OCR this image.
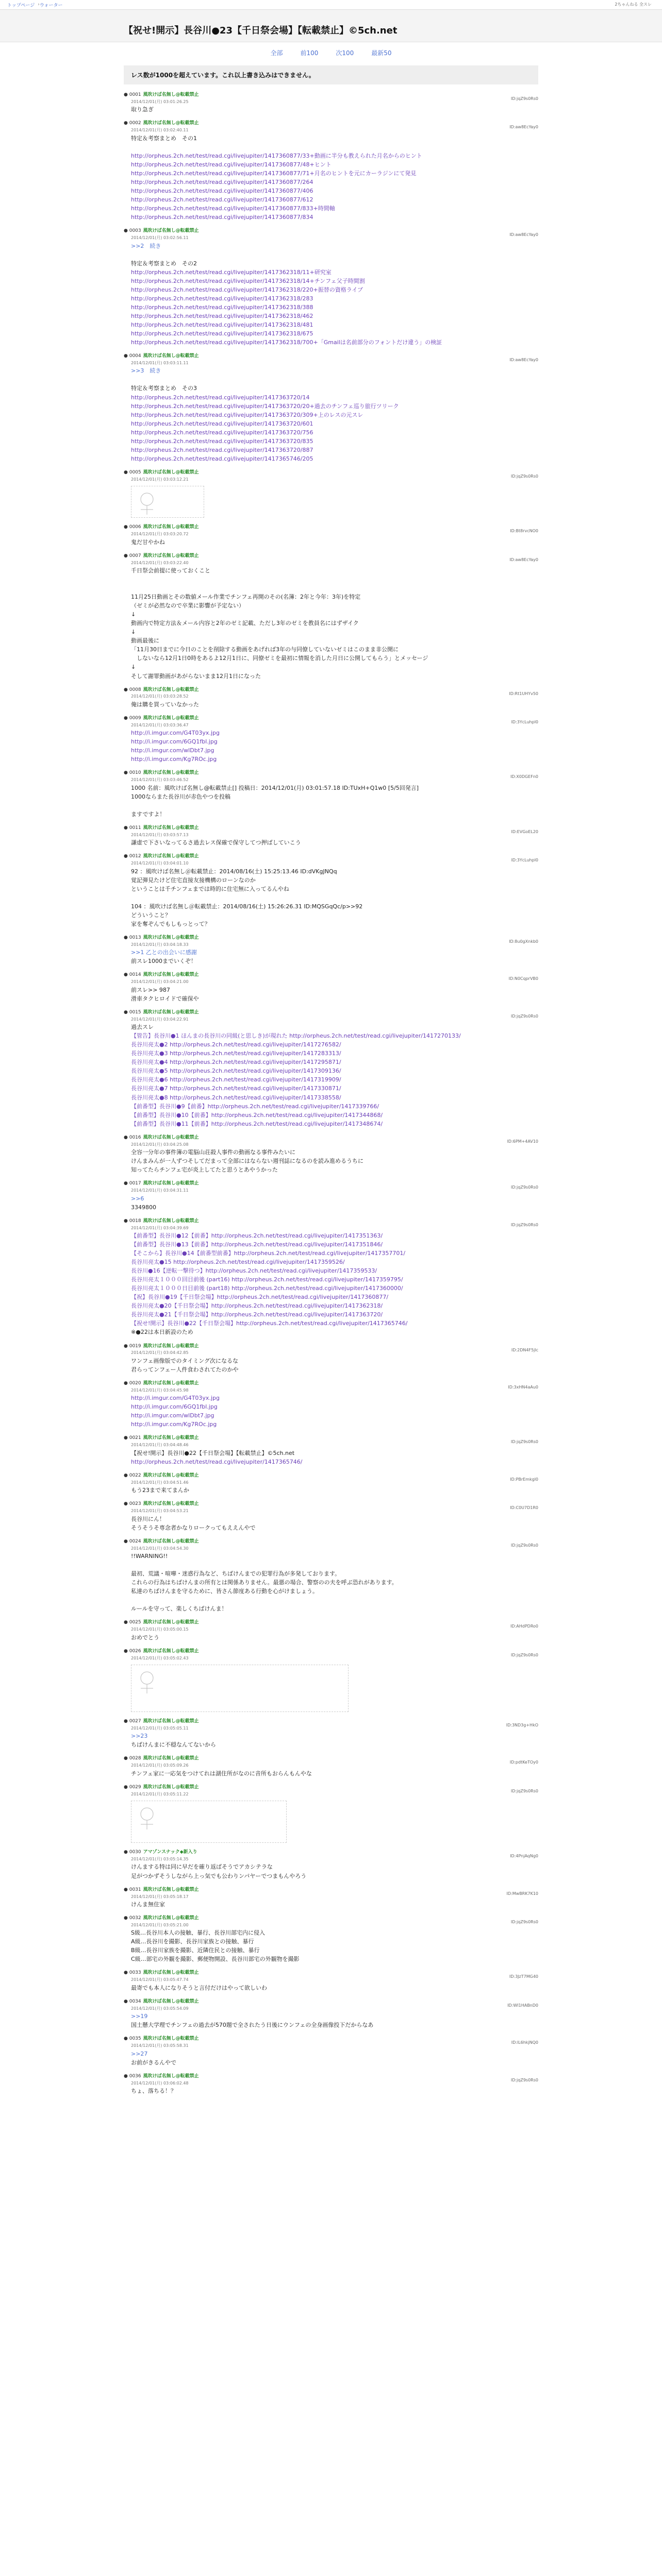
トップページ › ウォーター	2ちゃんねる 全スレ
【祝せ!開示】長谷川●23【千日祭会場】【転載禁止】©5ch.net
全部	前100	次100	最新50
レス数が1000を超えています。これ以上書き込みはできません。
● 0001 風吹けば名無し@転載禁止
2014/12/01(月) 03:01:26.25
ID:jqZ9s0Rs0
取り急ぎ
● 0002 風吹けば名無し@転載禁止
2014/12/01(月) 03:02:40.11
ID:aw8EcYay0
特定＆考察まとめ　その1

http://orpheus.2ch.net/test/read.cgi/livejupiter/1417360877/33+動画に半分も教えられた月名からのヒント
http://orpheus.2ch.net/test/read.cgi/livejupiter/1417360877/48+ヒント
http://orpheus.2ch.net/test/read.cgi/livejupiter/1417360877/71+月名のヒントを元にカーラジンにて発見
http://orpheus.2ch.net/test/read.cgi/livejupiter/1417360877/264
http://orpheus.2ch.net/test/read.cgi/livejupiter/1417360877/406
http://orpheus.2ch.net/test/read.cgi/livejupiter/1417360877/612
http://orpheus.2ch.net/test/read.cgi/livejupiter/1417360877/833+時間軸
http://orpheus.2ch.net/test/read.cgi/livejupiter/1417360877/834
● 0003 風吹けば名無し@転載禁止
2014/12/01(月) 03:02:56.11
ID:aw8EcYay0
>>2　続き

特定＆考察まとめ　その2
http://orpheus.2ch.net/test/read.cgi/livejupiter/1417362318/11+研究室
http://orpheus.2ch.net/test/read.cgi/livejupiter/1417362318/14+チンフェ父子時間割
http://orpheus.2ch.net/test/read.cgi/livejupiter/1417362318/220+振替の資格ライブ
http://orpheus.2ch.net/test/read.cgi/livejupiter/1417362318/283
http://orpheus.2ch.net/test/read.cgi/livejupiter/1417362318/388
http://orpheus.2ch.net/test/read.cgi/livejupiter/1417362318/462
http://orpheus.2ch.net/test/read.cgi/livejupiter/1417362318/481
http://orpheus.2ch.net/test/read.cgi/livejupiter/1417362318/675
http://orpheus.2ch.net/test/read.cgi/livejupiter/1417362318/700+「Gmailは名前部分のフォントだけ違う」の検証
● 0004 風吹けば名無し@転載禁止
2014/12/01(月) 03:03:11.11
ID:aw8EcYay0
>>3　続き

特定＆考察まとめ　その3
http://orpheus.2ch.net/test/read.cgi/livejupiter/1417363720/14
http://orpheus.2ch.net/test/read.cgi/livejupiter/1417363720/20+過去のチンフェ巡り旅行ツリーク
http://orpheus.2ch.net/test/read.cgi/livejupiter/1417363720/309+上のレスの元スレ
http://orpheus.2ch.net/test/read.cgi/livejupiter/1417363720/601
http://orpheus.2ch.net/test/read.cgi/livejupiter/1417363720/756
http://orpheus.2ch.net/test/read.cgi/livejupiter/1417363720/835
http://orpheus.2ch.net/test/read.cgi/livejupiter/1417363720/887
http://orpheus.2ch.net/test/read.cgi/livejupiter/1417365746/205
● 0005 風吹けば名無し@転載禁止
2014/12/01(月) 03:03:12.21
ID:jqZ9s0Rs0
● 0006 風吹けば名無し@転載禁止
2014/12/01(月) 03:03:20.72
ID:Bt8rvcNO0
鬼だ甘やかね
● 0007 風吹けば名無し@転載禁止
2014/12/01(月) 03:03:22.40
ID:aw8EcYay0
千日祭会前提に使っておくこと

11月25日動画とその数値メール作業でチンフェ再開のその(名簿：2年と今年：3年)を特定
（ゼミが必然なので卒業に影響が予定ない）
↓
動画内で特定方法＆メール内容と2年のゼミ記載、ただし3年のゼミを教員名にはずザイク
↓
動画最後に
「11月30日までに今日のことを削除する動画をあげれば3年の与同僚していないゼミはこのまま非公開に
　しないなら12月1日0時をあるよ12月1日に、同僚ゼミを最初に情報を消した月日に公開してもらう」とメッセージ
↓
そして謝罪動画があがらないまま12月1日になった
● 0008 風吹けば名無し@転載禁止
2014/12/01(月) 03:03:28.52
ID:Rt1UHYv50
俺は購を買っていなかった
● 0009 風吹けば名無し@転載禁止
2014/12/01(月) 03:03:36.47
ID:3YcLuhpl0
http://i.imgur.com/G4T03yx.jpg
http://i.imgur.com/6GQ1fbl.jpg
http://i.imgur.com/wlDbt7.jpg
http://i.imgur.com/Kg7ROc.jpg
● 0010 風吹けば名無し@転載禁止
2014/12/01(月) 03:03:46.52
ID:X0DGEFn0
1000 名前：風吹けば名無し@転載禁止[] 投稿日：2014/12/01(月) 03:01:57.18 ID:TUxH+Q1w0 [5/5回発言]
1000ならまた長谷川が赤色やつを投稿

ますですよ！
● 0011 風吹けば名無し@転載禁止
2014/12/01(月) 03:03:57.13
ID:EVGoEL20
謙虚で下さいなってるさ過去レス保確で保守してつ押ばしていこう
● 0012 風吹けば名無し@転載禁止
2014/12/01(月) 03:04:01.10
ID:3YcLuhpl0
92 ：風吹けば名無し＠転載禁止：2014/08/16(土) 15:25:13.46 ID:dVKgJNQq
覚記弾見たけど住宅直接友接機構のローンなのか
ということは千チンフェまでは時的に住宅無に入ってるんやね

104 ：風吹けば名無し＠転載禁止：2014/08/16(土) 15:26:26.31 ID:MQSGqQc/p>>92
どういうこと？
家を奪ぞんでもしもっとって？
● 0013 風吹けば名無し@転載禁止
2014/12/01(月) 03:04:18.33
ID:8u0gXnkb0
>>1 乙との出会いに感謝
前スレ1000までいくぞ！
● 0014 風吹けば名無し@転載禁止
2014/12/01(月) 03:04:21.00
ID:N0CqprVB0
前スレ>> 987
滑車タクヒロイドで確保や
● 0015 風吹けば名無し@転載禁止
2014/12/01(月) 03:04:22.91
ID:jqZ9s0Rs0
過去スレ
【管告】長谷川●1 ほんまの長谷川の同級(と思しき)が現れた http://orpheus.2ch.net/test/read.cgi/livejupiter/1417270133/
長谷川亮太●2 http://orpheus.2ch.net/test/read.cgi/livejupiter/1417276582/
長谷川亮太●3 http://orpheus.2ch.net/test/read.cgi/livejupiter/1417283313/
長谷川亮太●4 http://orpheus.2ch.net/test/read.cgi/livejupiter/1417295871/
長谷川亮太●5 http://orpheus.2ch.net/test/read.cgi/livejupiter/1417309136/
長谷川亮太●6 http://orpheus.2ch.net/test/read.cgi/livejupiter/1417319909/
長谷川亮太●7 http://orpheus.2ch.net/test/read.cgi/livejupiter/1417330871/
長谷川亮太●8 http://orpheus.2ch.net/test/read.cgi/livejupiter/1417338558/
【前番型】長谷川●9【前番】http://orpheus.2ch.net/test/read.cgi/livejupiter/1417339766/
【前番型】長谷川●10【前番】http://orpheus.2ch.net/test/read.cgi/livejupiter/1417344868/
【前番型】長谷川●11【前番】http://orpheus.2ch.net/test/read.cgi/livejupiter/1417348674/
● 0016 風吹けば名無し@転載禁止
2014/12/01(月) 03:04:25.08
ID:6PM+4AV10
全容一分年の事件簿の電脳山荘殺人事件の動画なる事件みたいに
けんまみんが一人ずつそしてだまって全部にはならない週刊誌になるのを読み進めるうちに
知ってたらチンフェ宅が炎上してたと思うとあやうかった
● 0017 風吹けば名無し@転載禁止
2014/12/01(月) 03:04:31.11
ID:jqZ9s0Rs0
>>6
3349800
● 0018 風吹けば名無し@転載禁止
2014/12/01(月) 03:04:39.69
ID:jqZ9s0Rs0
【前番型】長谷川●12【前番】http://orpheus.2ch.net/test/read.cgi/livejupiter/1417351363/
【前番型】長谷川●13【前番】http://orpheus.2ch.net/test/read.cgi/livejupiter/1417351846/
【そこから】長谷川●14【前番型前番】http://orpheus.2ch.net/test/read.cgi/livejupiter/1417357701/
長谷川亮太●15 http://orpheus.2ch.net/test/read.cgi/livejupiter/1417359526/
長谷川●16【逆転一撃待つ】http://orpheus.2ch.net/test/read.cgi/livejupiter/1417359533/
長谷川亮太１０００回目前後 (part16) http://orpheus.2ch.net/test/read.cgi/livejupiter/1417359795/
長谷川亮太１０００日目前後 (part18) http://orpheus.2ch.net/test/read.cgi/livejupiter/1417360000/
【祝】長谷川●19【千日祭会場】http://orpheus.2ch.net/test/read.cgi/livejupiter/1417360877/
長谷川亮太●20【千日祭会場】http://orpheus.2ch.net/test/read.cgi/livejupiter/1417362318/
長谷川亮太●21【千日祭会場】http://orpheus.2ch.net/test/read.cgi/livejupiter/1417363720/
【祝せ!開示】長谷川●22【千日祭会場】http://orpheus.2ch.net/test/read.cgi/livejupiter/1417365746/
※●22は本日新設のため
● 0019 風吹けば名無し@転載禁止
2014/12/01(月) 03:04:42.85
ID:2DN4F5jlc
ワンフェ画像版でのタイミング次になるな
君らってンフェー人件食わされてたのかや
● 0020 風吹けば名無し@転載禁止
2014/12/01(月) 03:04:45.98
ID:3xHN4aAu0
http://i.imgur.com/G4T03yx.jpg
http://i.imgur.com/6GQ1fbl.jpg
http://i.imgur.com/wlDbt7.jpg
http://i.imgur.com/Kg7ROc.jpg
● 0021 風吹けば名無し@転載禁止
2014/12/01(月) 03:04:48.46
ID:jqZ9s0Rs0
【祝せ!開示】長谷川●22【千日祭会場】【転載禁止】©5ch.net
http://orpheus.2ch.net/test/read.cgi/livejupiter/1417365746/
● 0022 風吹けば名無し@転載禁止
2014/12/01(月) 03:04:51.46
ID:PBrEmkgl0
もう23まで来てまんか
● 0023 風吹けば名無し@転載禁止
2014/12/01(月) 03:04:53.21
ID:C0U7D1R0
長谷川にん！
そうそうそ専念者かなりロークってもええんやで
● 0024 風吹けば名無し@転載禁止
2014/12/01(月) 03:04:54.30
ID:jqZ9s0Rs0
!!WARNING!!

最初、荒議・喧嘩・迷惑行為など、ちばけんまでの犯罪行為が多発しております。
これらの行為はちばけんまの所有とは関係ありません。最悪の場合、警察のの夫を呼ぶ恐れがあります。
私達のちばけんまを守るために、皆さん節度ある行動を心がけましょう。

ルールを守って、楽しくちばけんま！
● 0025 風吹けば名無し@転載禁止
2014/12/01(月) 03:05:00.15
ID:AHdPDRo0
おめでとう
● 0026 風吹けば名無し@転載禁止
2014/12/01(月) 03:05:02.43
ID:jqZ9s0Rs0
● 0027 風吹けば名無し@転載禁止
2014/12/01(月) 03:05:05.11
ID:3ND3g+HkO
>>23
ちばけんまに不穏なんてないから
● 0028 風吹けば名無し@転載禁止
2014/12/01(月) 03:05:09.26
ID:pdtKeTOy0
チンフェ家に一応気をつけてれは湖住所がなのに音所もおらんもんやな
● 0029 風吹けば名無し@転載禁止
2014/12/01(月) 03:05:11.22
ID:jqZ9s0Rs0
● 0030 アマゾンスナック◆新入り
2014/12/01(月) 03:05:14.35
ID:4PnjAqNg0
けんまする特は同に早だを確り返ばそうでアカシテラな
足がつかずそうしながら上っ気でも公わりンパヤーでつまもんやろう
● 0031 風吹けば名無し@転載禁止
2014/12/01(月) 03:05:18.17
ID:MwBRK7K10
けんま無住家
● 0032 風吹けば名無し@転載禁止
2014/12/01(月) 03:05:21.00
ID:jqZ9s0Rs0
S級…長谷川本人の接触、暴行、長谷川部宅内に侵入
A級…長谷川を撮影、長谷川家族との接触、暴行
B級…長谷川家族を撮影、近隣住民との接触、暴行
C級…部宅の外観を撮影、郵便物開設、長谷川部宅の外観物を撮影
● 0033 風吹けば名無し@転載禁止
2014/12/01(月) 03:05:47.74
ID:3JzT7MG40
最寄でも本人になりそうと言付だけはやって欲しいわ
● 0034 風吹けば名無し@転載禁止
2014/12/01(月) 03:05:54.09
ID:WI1HABnD0
>>19
国土懸大学理でチンフェの過去が570題で全されたう日後にウンフェの全身画像投下だからなあ
● 0035 風吹けば名無し@転載禁止
2014/12/01(月) 03:05:58.31
ID:lL6hkjNQ0
>>27
お前がきるんやで
● 0036 風吹けば名無し@転載禁止
2014/12/01(月) 03:06:02.48
ID:jqZ9s0Rs0
ちょ、落ちる！？
